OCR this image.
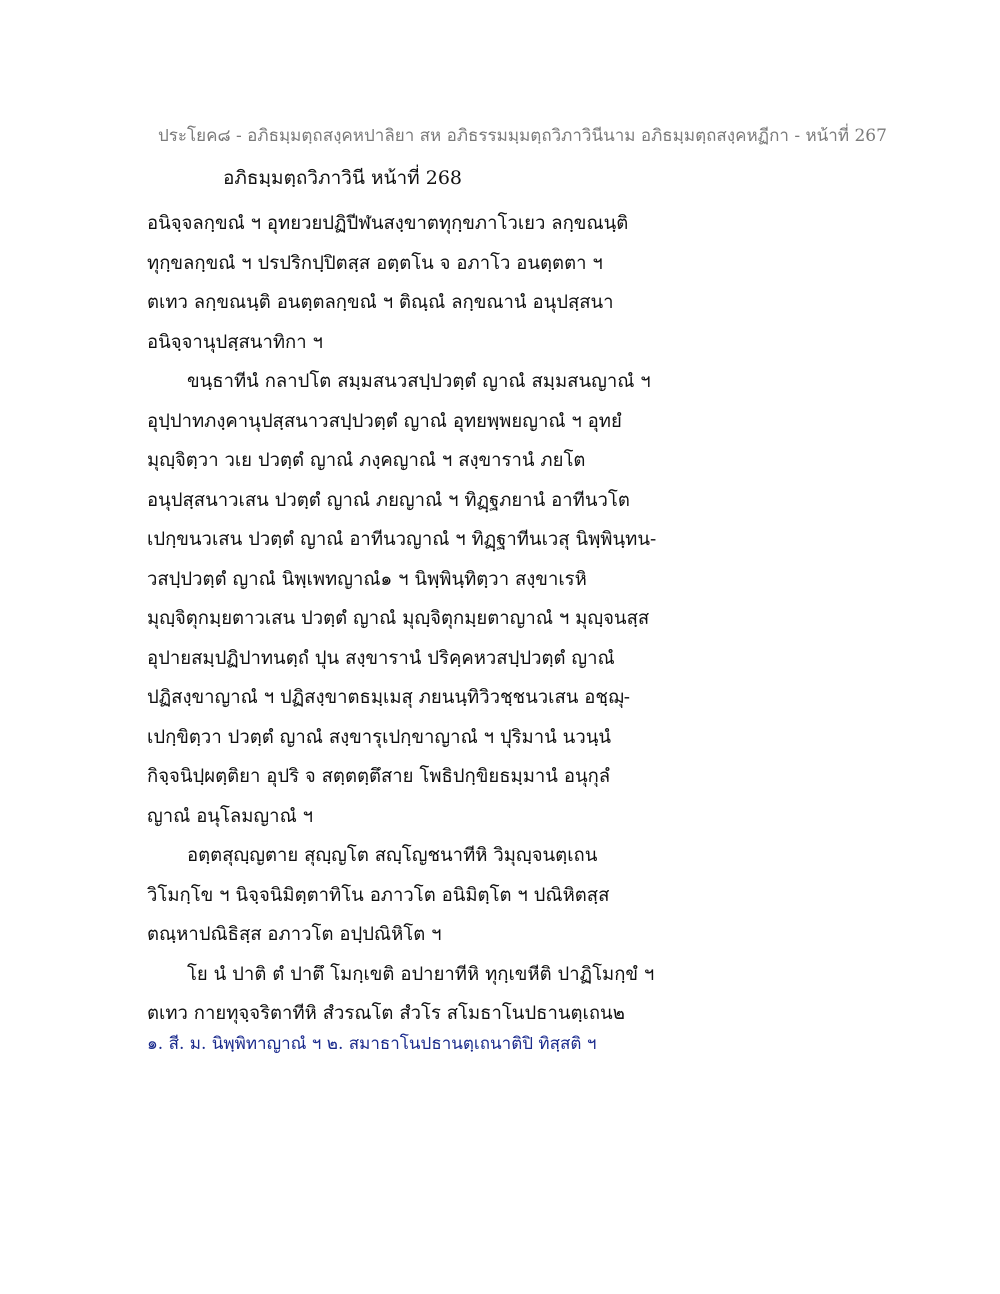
ประโยค๘ - อภิธมฺมตฺถสงฺคหปาลิยา สห อภิธรรมมฺมตฺถวิภาวินีนาม อภิธมฺมตฺถสงฺคหฏีกา - หน้าที่ 267
อภิธมฺมตฺถวิภาวินี หน้าที่ 268
อนิจฺจลกฺขณํ ฯ อุทยวยปฏิปีฬนสงฺขาตทุกฺขภาโวเยว ลกฺขณนฺติ
ทุกฺขลกฺขณํ ฯ ปรปริกปฺปิตสฺส อตฺตโน จ อภาโว อนตฺตตา ฯ
ตเทว ลกฺขณนฺติ อนตฺตลกฺขณํ ฯ ติณฺณํ ลกฺขณานํ อนุปสฺสนา
อนิจฺจานุปสฺสนาทิกา ฯ
ขนฺธาทีนํ กลาปโต สมฺมสนวสปฺปวตฺตํ ญาณํ สมฺมสนญาณํ ฯ
อุปฺปาทภงฺคานุปสฺสนาวสปฺปวตฺตํ ญาณํ อุทยพฺพยญาณํ ฯ อุทยํ
มุญฺจิตฺวา วเย ปวตฺตํ ญาณํ ภงฺคญาณํ ฯ สงฺขารานํ ภยโต
อนุปสฺสนาวเสน ปวตฺตํ ญาณํ ภยญาณํ ฯ ทิฏฺฐภยานํ อาทีนวโต
เปกฺขนวเสน ปวตฺตํ ญาณํ อาทีนวญาณํ ฯ ทิฏฺฐาทีนเวสุ นิพฺพินฺทน-
วสปฺปวตฺตํ ญาณํ นิพฺเพทญาณํ๑ ฯ นิพฺพินฺทิตฺวา สงฺขาเรหิ
มุญฺจิตุกมฺยตาวเสน ปวตฺตํ ญาณํ มุญฺจิตุกมฺยตาญาณํ ฯ มุญฺจนสฺส
อุปายสมฺปฏิปาทนตฺถํ ปุน สงฺขารานํ ปริคฺคหวสปฺปวตฺตํ ญาณํ
ปฏิสงฺขาญาณํ ฯ ปฏิสงฺขาตธมฺเมสุ ภยนนฺทิวิวชฺชนวเสน อชฺฌุ-
เปกฺขิตฺวา ปวตฺตํ ญาณํ สงฺขารุเปกฺขาญาณํ ฯ ปุริมานํ นวนฺนํ
กิจฺจนิปฺผตฺติยา อุปริ จ สตฺตตฺตึสาย โพธิปกฺขิยธมฺมานํ อนุกุลํ
ญาณํ อนุโลมญาณํ ฯ
อตฺตสุญฺญตาย สุญฺญโต สญฺโญชนาทีหิ วิมุญฺจนตฺเถน
วิโมกฺโข ฯ นิจฺจนิมิตฺตาทิโน อภาวโต อนิมิตฺโต ฯ ปณิหิตสฺส
ตณฺหาปณิธิสฺส อภาวโต อปฺปณิหิโต ฯ
โย นํ ปาติ ตํ ปาตึ โมกฺเขติ อปายาทีหิ ทุกฺเขหีติ ปาฏิโมกฺขํ ฯ
ตเทว กายทุจฺจริตาทีหิ สํวรณโต สํวโร สโมธาโนปธานตฺเถน๒
๑. สี. ม. นิพฺพิทาญาณํ ฯ ๒. สมาธาโนปธานตฺเถนาติปิ ทิสฺสติ ฯ
